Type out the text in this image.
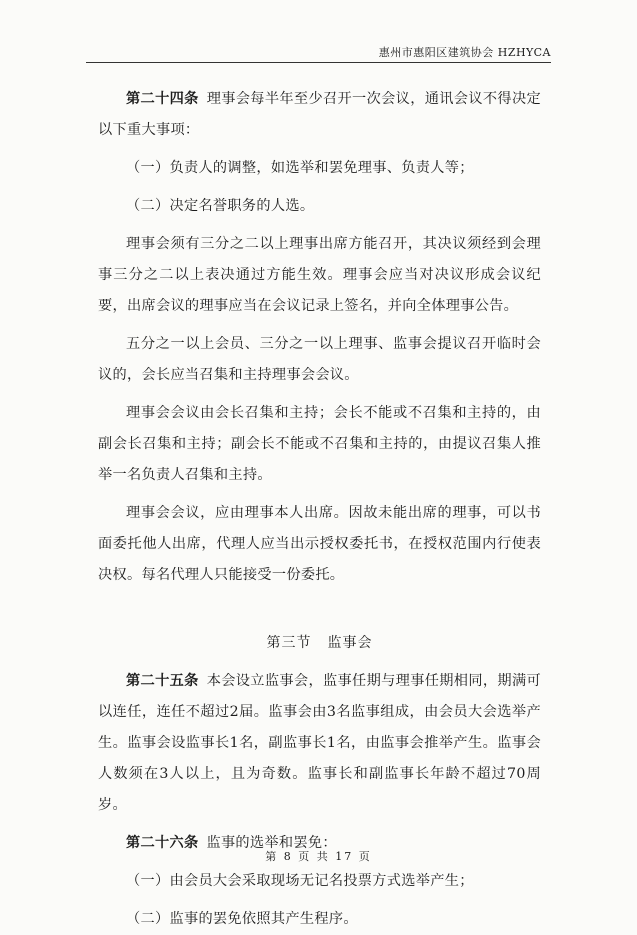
惠州市惠阳区建筑协会 HZHYCA

第二十四条 理事会每半年至少召开一次会议，通讯会议不得决定以下重大事项：

（一）负责人的调整，如选举和罢免理事、负责人等；

（二）决定名誉职务的人选。

理事会须有三分之二以上理事出席方能召开，其决议须经到会理事三分之二以上表决通过方能生效。理事会应当对决议形成会议纪要，出席会议的理事应当在会议记录上签名，并向全体理事公告。

五分之一以上会员、三分之一以上理事、监事会提议召开临时会议的，会长应当召集和主持理事会会议。

理事会会议由会长召集和主持；会长不能或不召集和主持的，由副会长召集和主持；副会长不能或不召集和主持的，由提议召集人推举一名负责人召集和主持。

理事会会议，应由理事本人出席。因故未能出席的理事，可以书面委托他人出席，代理人应当出示授权委托书，在授权范围内行使表决权。每名代理人只能接受一份委托。

第三节 监事会

第二十五条 本会设立监事会，监事任期与理事任期相同，期满可以连任，连任不超过2届。监事会由3名监事组成，由会员大会选举产生。监事会设监事长1名，副监事长1名，由监事会推举产生。监事会人数须在3人以上，且为奇数。监事长和副监事长年龄不超过70周岁。

第二十六条 监事的选举和罢免：

（一）由会员大会采取现场无记名投票方式选举产生；

（二）监事的罢免依照其产生程序。

第 8 页 共 17 页
